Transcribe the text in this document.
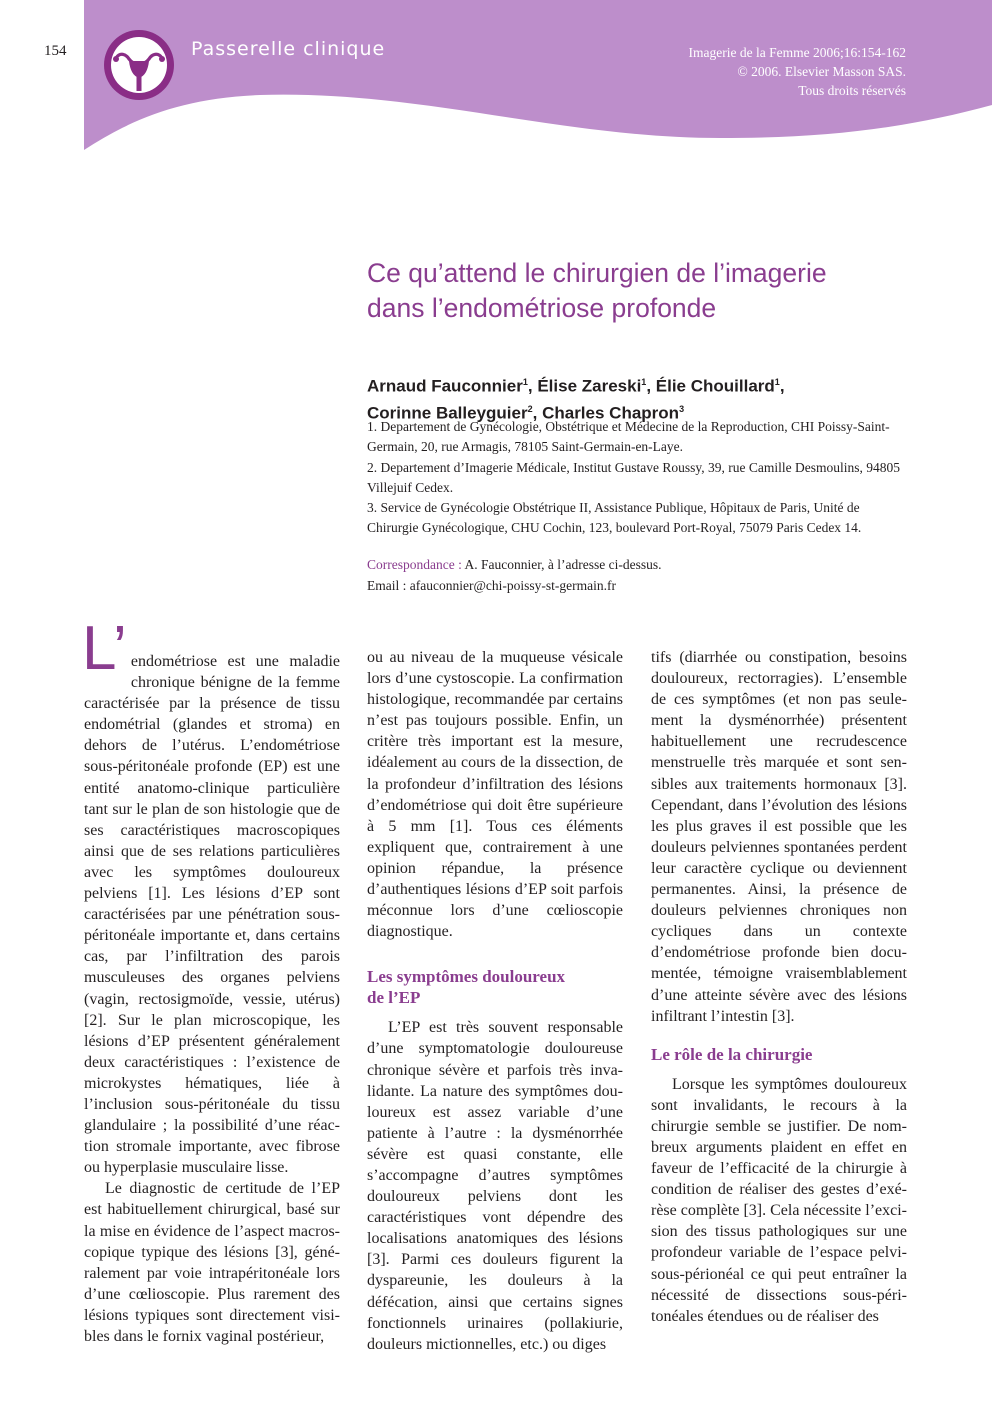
154	Passerelle clinique	Imagerie de la Femme 2006;16:154-162
© 2006. Elsevier Masson SAS.
Tous droits réservés
Ce qu’attend le chirurgien de l’imagerie
dans l’endométriose profonde
Arnaud Fauconnier$^1$, Élise Zareski$^1$, Élie Chouillard$^1$,
Corinne Balleyguier$^2$, Charles Chapron$^3$

1. Departement de Gynécologie, Obstétrique et Médecine de la Reproduction, CHI Poissy-Saint-Germain, 20, rue Armagis, 78105 Saint-Germain-en-Laye.

2. Departement d’Imagerie Médicale, Institut Gustave Roussy, 39, rue Camille Desmoulins, 94805 Villejuif Cedex.

3. Service de Gynécologie Obstétrique II, Assistance Publique, Hôpitaux de Paris, Unité de Chirurgie Gynécologique, CHU Cochin, 123, boulevard Port-Royal, 75079 Paris Cedex 14.

Correspondance : A. Fauconnier, à l’adresse ci-dessus.

Email : afauconnier@chi-poissy-st-germain.fr

L’ endométriose est une maladie chronique bénigne de la femme caractérisée par la présence de tissu endométrial (glandes et stroma) en dehors de l’utérus. L’endométriose sous-péritonéale profonde (EP) est une entité anatomo-clinique particulière tant sur le plan de son histologie que de ses caractéristiques macroscopiques ainsi que de ses relations particulières avec les symptômes douloureux pelviens [1]. Les lésions d’EP sont caractérisées par une pénétration sous-péritonéale importante et, dans certains cas, par l’infiltration des parois musculeuses des organes pelviens (vagin, rectosigmoïde, vessie, utérus) [2]. Sur le plan microscopique, les lésions d’EP présentent généralement deux caractéristiques : l’existence de microkystes hématiques, liée à l’inclusion sous-péritonéale du tissu glandulaire ; la possibilité d’une réaction stromale importante, avec fibrose ou hyperplasie musculaire lisse.

Le diagnostic de certitude de l’EP est habituellement chirurgical, basé sur la mise en évidence de l’aspect macroscopique typique des lésions [3], généralement par voie intrapéritonéale lors d’une cœlioscopie. Plus rarement des lésions typiques sont directement visibles dans le fornix vaginal postérieur,

ou au niveau de la muqueuse vésicale lors d’une cystoscopie. La confirmation histologique, recommandée par certains n’est pas toujours possible. Enfin, un critère très important est la mesure, idéalement au cours de la dissection, de la profondeur d’infiltration des lésions d’endométriose qui doit être supérieure à 5 mm [1]. Tous ces éléments expliquent que, contrairement à une opinion répandue, la présence d’authentiques lésions d’EP soit parfois méconnue lors d’une cœlioscopie diagnostique.

Les symptômes douloureux
de l’EP

L’EP est très souvent responsable d’une symptomatologie douloureuse chronique sévère et parfois très invalidante. La nature des symptômes douloureux est assez variable d’une patiente à l’autre : la dysménorrhée sévère est quasi constante, elle s’accompagne d’autres symptômes douloureux pelviens dont les caractéristiques vont dépendre des localisations anatomiques des lésions [3]. Parmi ces douleurs figurent la dyspareunie, les douleurs à la défécation, ainsi que certains signes fonctionnels urinaires (pollakiurie, douleurs mictionnelles, etc.) ou diges

tifs (diarrhée ou constipation, besoins douloureux, rectorragies). L’ensemble de ces symptômes (et non pas seulement la dysménorrhée) présentent habituellement une recrudescence menstruelle très marquée et sont sensibles aux traitements hormonaux [3]. Cependant, dans l’évolution des lésions les plus graves il est possible que les douleurs pelviennes spontanées perdent leur caractère cyclique ou deviennent permanentes. Ainsi, la présence de douleurs pelviennes chroniques non cycliques dans un contexte d’endométriose profonde bien documentée, témoigne vraisemblablement d’une atteinte sévère avec des lésions infiltrant l’intestin [3].

Le rôle de la chirurgie

Lorsque les symptômes douloureux sont invalidants, le recours à la chirurgie semble se justifier. De nombreux arguments plaident en effet en faveur de l’efficacité de la chirurgie à condition de réaliser des gestes d’exérèse complète [3]. Cela nécessite l’excision des tissus pathologiques sur une profondeur variable de l’espace pelvisous-périonéal ce qui peut entraîner la nécessité de dissections sous-péritonéales étendues ou de réaliser des
